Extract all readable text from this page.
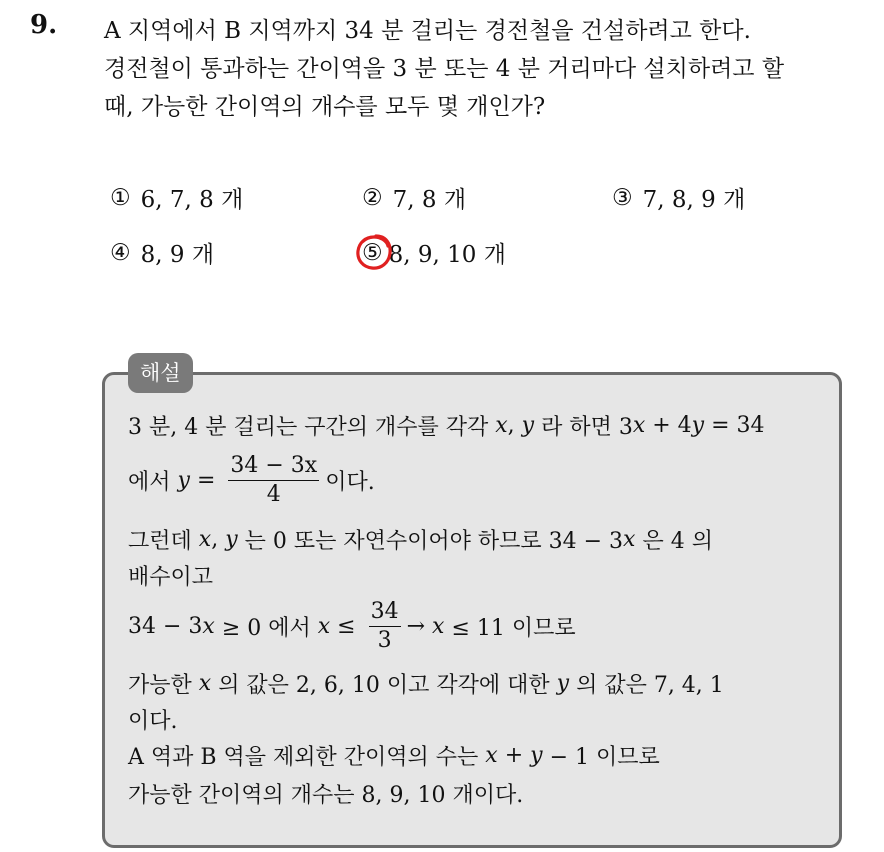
9. A 지역에서 B 지역까지 34 분 걸리는 경전철을 건설하려고 한다.
경전철이 통과하는 간이역을 3 분 또는 4 분 거리마다 설치하려고 할
때, 가능한 간이역의 개수를 모두 몇 개인가?
① 6, 7, 8 개	② 7, 8 개	③ 7, 8, 9 개
④ 8, 9 개	⑤ 8, 9, 10 개
해설
3 분, 4 분 걸리는 구간의 개수를 각각
x ,
y
라 하면 3 x + 4 y = 34
에서
$y = \frac{34 - 3x}{4}$ 이다.
그런데
x ,
y
는 0 또는 자연수이어야 하므로 34 − 3 x
은 4 의
배수이고
34 − 3 x ≥ 0 에서
$x \le \frac{34}{3}$ →
x ≤ 11 이므로
가능한
x
의 값은 2, 6, 10 이고 각각에 대한
y
의 값은 7, 4, 1
이다.
A 역과 B 역을 제외한 간이역의 수는
x + y − 1 이므로
가능한 간이역의 개수는 8, 9, 10 개이다.
